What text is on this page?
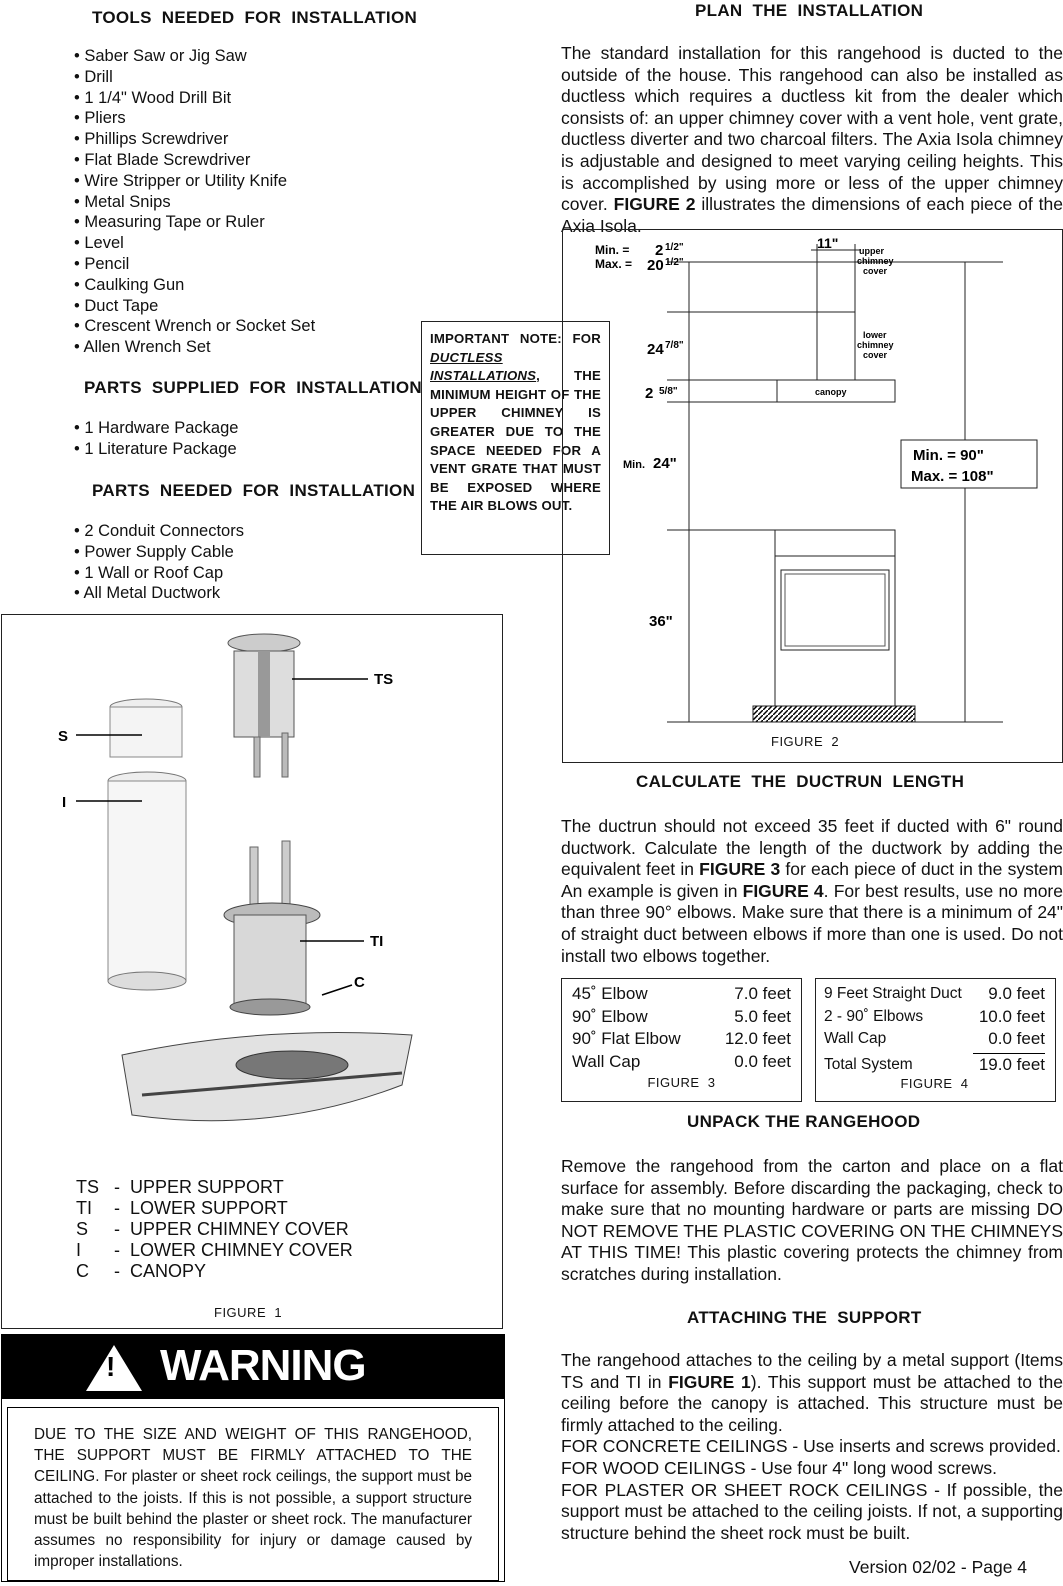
TOOLS  NEEDED  FOR  INSTALLATION
• Saber Saw or Jig Saw
• Drill
• 1 1/4" Wood Drill Bit
• Pliers
• Phillips Screwdriver
• Flat Blade Screwdriver
• Wire Stripper or Utility Knife
• Metal Snips
• Measuring Tape or Ruler
• Level
• Pencil
• Caulking Gun
• Duct Tape
• Crescent Wrench or Socket Set
• Allen Wrench Set
PARTS  SUPPLIED  FOR  INSTALLATION
• 1 Hardware Package
• 1 Literature Package
PARTS  NEEDED  FOR  INSTALLATION
• 2 Conduit Connectors
• Power Supply Cable
• 1 Wall or Roof Cap
• All Metal Ductwork
IMPORTANT NOTE: FOR DUCTLESS INSTALLATIONS, THE MINIMUM HEIGHT OF THE UPPER CHIMNEY IS GREATER DUE TO THE SPACE NEEDED FOR A VENT GRATE THAT MUST BE EXPOSED WHERE THE AIR BLOWS OUT.
TS
S
I
TI
C
TS - UPPER SUPPORT
TI	- LOWER SUPPORT
S	- UPPER CHIMNEY COVER
I	- LOWER CHIMNEY COVER
C	- CANOPY
FIGURE  1
! WARNING
DUE TO THE SIZE AND WEIGHT OF THIS RANGEHOOD, THE SUPPORT MUST BE FIRMLY ATTACHED TO THE CEILING. For plaster or sheet rock ceilings, the support must be attached to the joists. If this is not possible, a support structure must be built behind the plaster or sheet rock. The manufacturer assumes no responsibility for injury or damage caused by improper installations.
PLAN  THE  INSTALLATION
The standard installation for this rangehood is ducted to the outside of the house. This rangehood can also be installed as ductless which requires a ductless kit from the dealer which consists of: an upper chimney cover with a vent hole, vent grate, ductless diverter and two charcoal filters. The Axia Isola chimney is adjustable and designed to meet varying ceiling heights. This is accomplished by using more or less of the upper chimney cover. FIGURE 2 illustrates the dimensions of each piece of the Axia Isola.
canopy
11"
Min. = 2 1/2"
Max. = 20 1/2"
24 7/8"
2 5/8"
Min. 24"
36"
upper
chimney
cover
lower
chimney
cover
Min. = 90"
Max. = 108"
FIGURE  2
CALCULATE  THE  DUCTRUN  LENGTH
The ductrun should not exceed 35 feet if ducted with 6" round ductwork. Calculate the length of the ductwork by adding the equivalent feet in FIGURE 3 for each piece of duct in the system An example is given in FIGURE 4. For best results, use no more than three 90° elbows. Make sure that there is a minimum of 24" of straight duct between elbows if more than one is used. Do not install two elbows together.
45˚ Elbow	7.0 feet
90˚ Elbow	5.0 feet
90˚ Flat Elbow	12.0 feet
Wall Cap	0.0 feet
FIGURE  3
9 Feet Straight Duct 9.0 feet
2 - 90˚ Elbows	10.0 feet
Wall Cap	0.0 feet
Total System	19.0 feet
FIGURE  4
UNPACK THE RANGEHOOD
Remove the rangehood from the carton and place on a flat surface for assembly. Before discarding the packaging, check to make sure that no mounting hardware or parts are missing DO NOT REMOVE THE PLASTIC COVERING ON THE CHIMNEYS AT THIS TIME! This plastic covering protects the chimney from scratches during installation.
ATTACHING THE  SUPPORT
The rangehood attaches to the ceiling by a metal support (Items TS and TI in FIGURE 1). This support must be attached to the ceiling before the canopy is attached. This structure must be firmly attached to the ceiling.
FOR CONCRETE CEILINGS - Use inserts and screws provided.
FOR WOOD CEILINGS - Use four 4" long wood screws.
FOR PLASTER OR SHEET ROCK CEILINGS - If possible, the support must be attached to the ceiling joists. If not, a supporting structure behind the sheet rock must be built.
Version 02/02 - Page 4
